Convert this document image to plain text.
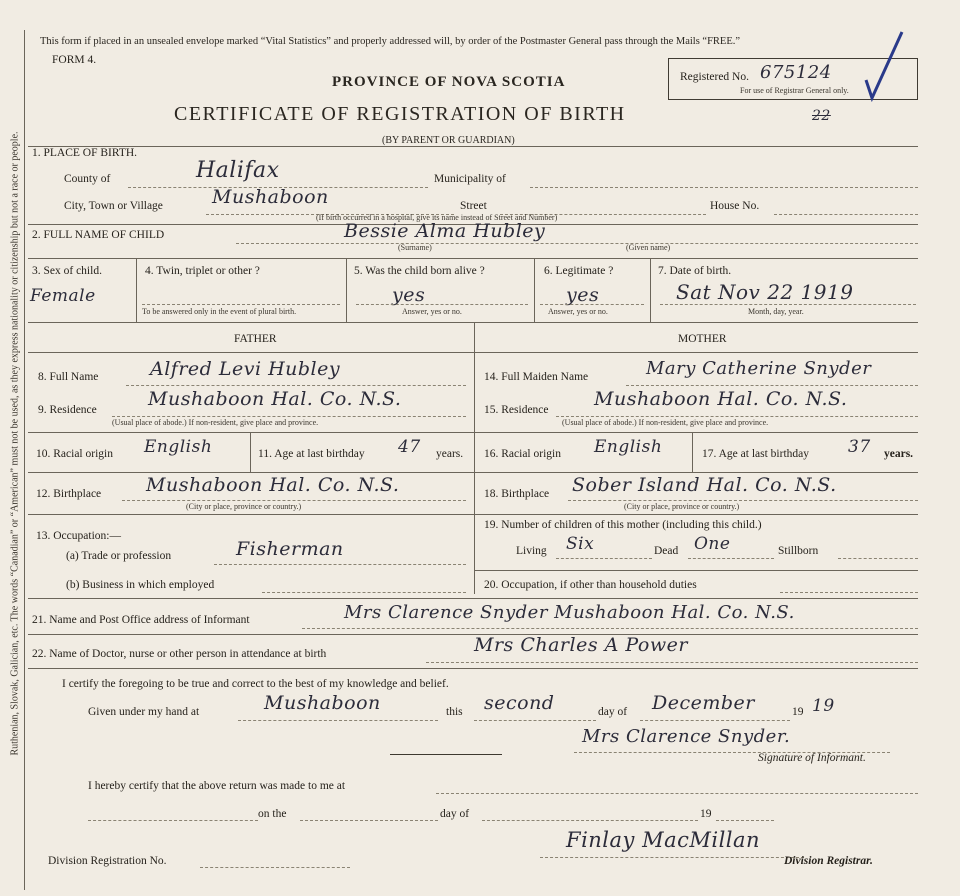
Ruthenian, Slovak, Galician, etc. The words “Canadian” or “American” must not be used, as they express nationality or citizenship but not a race or people.
This form if placed in an unsealed envelope marked “Vital Statistics” and properly addressed will, by order of the Postmaster General pass through the Mails “FREE.”
FORM 4.
PROVINCE OF NOVA SCOTIA
CERTIFICATE OF REGISTRATION OF BIRTH
(BY PARENT OR GUARDIAN)
Registered No. 675124
For use of Registrar General only.
22
1. PLACE OF BIRTH.
County of	Halifax	Municipality of
City, Town or Village	Mushaboon	Street	House No.
(If birth occurred in a hospital, give its name instead of Street and Number)
2. FULL NAME OF CHILD	Bessie Alma Hubley
(Surname)	(Given name)
3. Sex of child.
Female
4. Twin, triplet or other ?
To be answered only in the event of plural birth.
5. Was the child born alive ?
yes
Answer, yes or no.
6. Legitimate ?
yes
Answer, yes or no.
7. Date of birth.
Sat Nov 22 1919
Month, day, year.
FATHER	MOTHER
8. Full Name	Alfred Levi Hubley	14. Full Maiden Name	Mary Catherine Snyder
9. Residence	Mushaboon Hal. Co. N.S.
(Usual place of abode.) If non-resident, give place and province.
15. Residence Mushaboon Hal. Co. N.S.
(Usual place of abode.) If non-resident, give place and province.
10. Racial origin English	11. Age at last birthday 47 years. 16. Racial origin English	17. Age at last birthday 37 years.
12. Birthplace Mushaboon Hal. Co. N.S.
(City or place, province or country.)
18. Birthplace Sober Island Hal. Co. N.S.
(City or place, province or country.)
13. Occupation:—
(a) Trade or profession	Fisherman
(b) Business in which employed
19. Number of children of this mother (including this child.)
Living Six	Dead One	Stillborn
20. Occupation, if other than household duties
21. Name and Post Office address of Informant	Mrs Clarence Snyder Mushaboon Hal. Co. N.S.
22. Name of Doctor, nurse or other person in attendance at birth	Mrs Charles A Power
I certify the foregoing to be true and correct to the best of my knowledge and belief.
Given under my hand at	Mushaboon	this second	day of December	19 19
Mrs Clarence Snyder.
Signature of Informant.
I hereby certify that the above return was made to me at
on the	day of	19
Division Registration No.
Finlay MacMillan
Division Registrar.
